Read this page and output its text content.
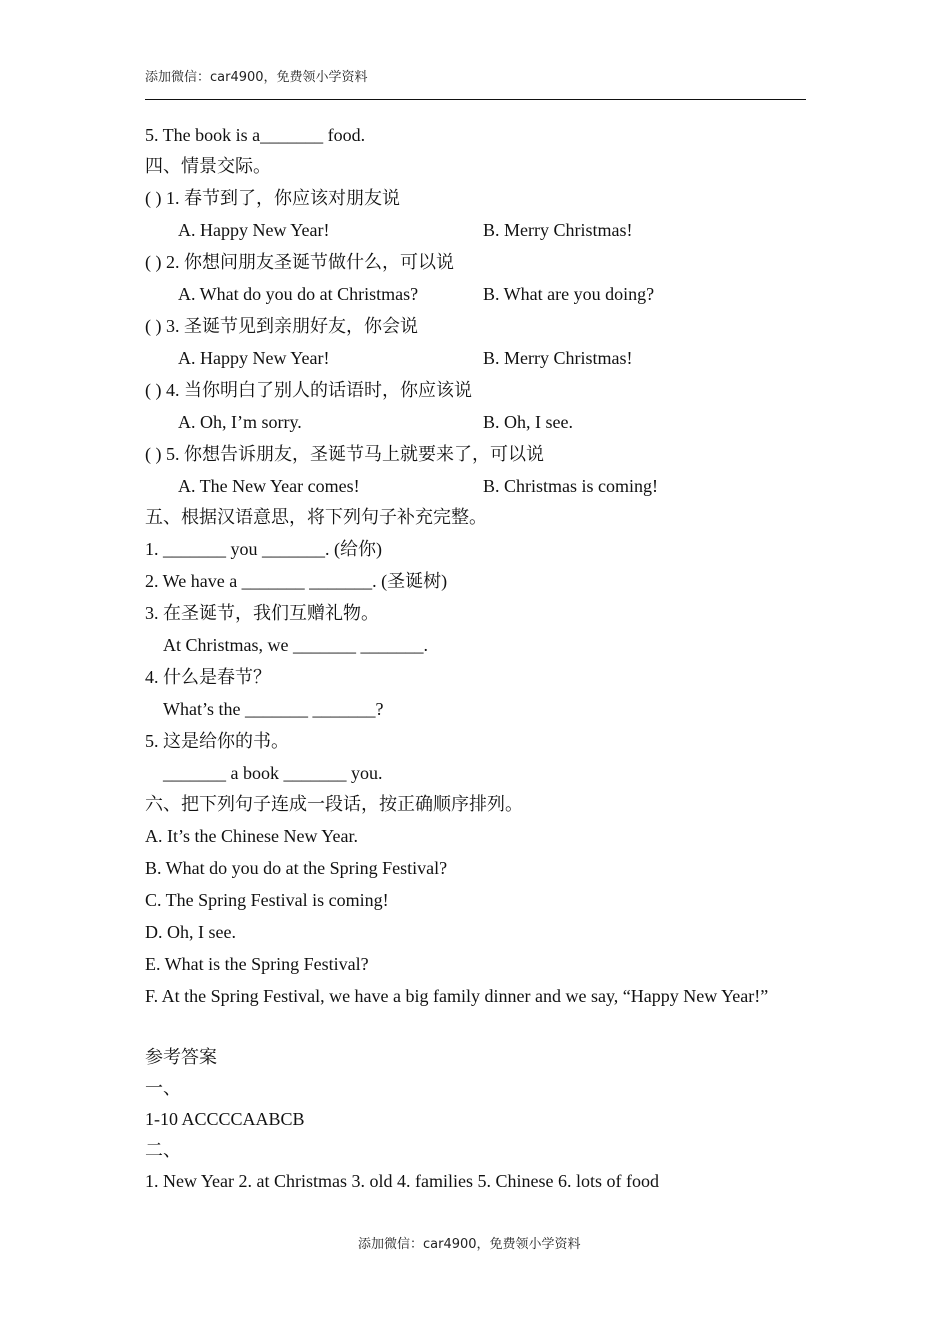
添加微信：car4900，免费领小学资料
5. The book is a_______ food.
四、情景交际。
( ) 1. 春节到了，你应该对朋友说
A. Happy New Year!	B. Merry Christmas!
( ) 2. 你想问朋友圣诞节做什么，可以说
A. What do you do at Christmas?	B. What are you doing?
( ) 3. 圣诞节见到亲朋好友，你会说
A. Happy New Year!	B. Merry Christmas!
( ) 4. 当你明白了别人的话语时，你应该说
A. Oh, I’m sorry.	B. Oh, I see.
( ) 5. 你想告诉朋友，圣诞节马上就要来了，可以说
A. The New Year comes!	B. Christmas is coming!
五、根据汉语意思，将下列句子补充完整。
1. _______ you _______. (给你)
2. We have a _______ _______. (圣诞树)
3. 在圣诞节，我们互赠礼物。
At Christmas, we _______ _______.
4. 什么是春节？
What’s the _______ _______?
5. 这是给你的书。
_______ a book _______ you.
六、把下列句子连成一段话，按正确顺序排列。
A. It’s the Chinese New Year.
B. What do you do at the Spring Festival?
C. The Spring Festival is coming!
D. Oh, I see.
E. What is the Spring Festival?
F. At the Spring Festival, we have a big family dinner and we say, “Happy New Year!”
参考答案
一、
1-10 ACCCCAABCB
二、
1. New Year 2. at Christmas 3. old 4. families 5. Chinese 6. lots of food
添加微信：car4900，免费领小学资料
